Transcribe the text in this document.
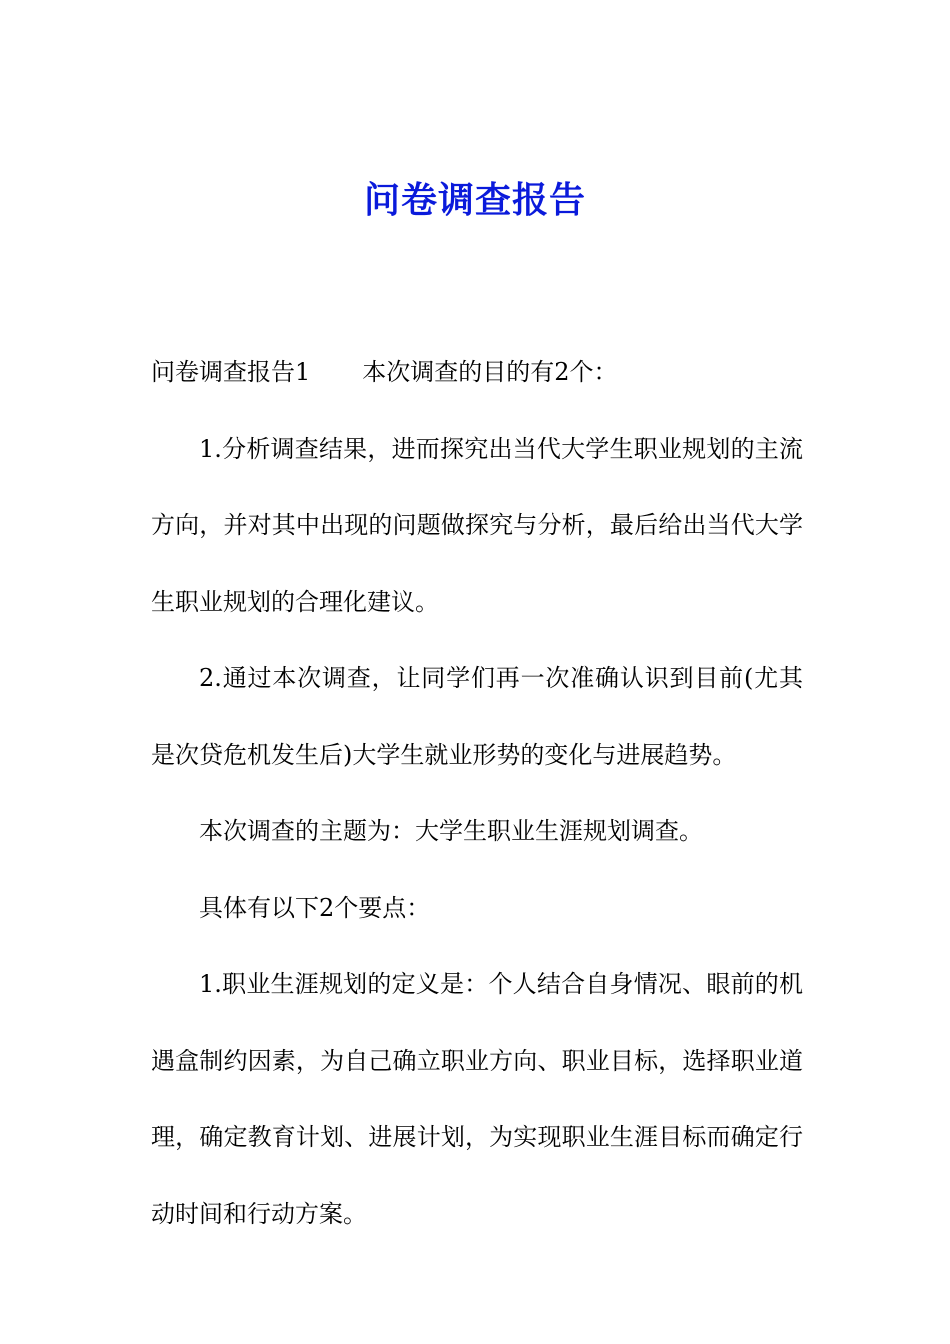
问卷调查报告

问卷调查报告1 本次调查的目的有2个：

1.分析调查结果，进而探究出当代大学生职业规划的主流方向，并对其中出现的问题做探究与分析，最后给出当代大学生职业规划的合理化建议。

2.通过本次调查，让同学们再一次准确认识到目前(尤其是次贷危机发生后)大学生就业形势的变化与进展趋势。

本次调查的主题为：大学生职业生涯规划调查。

具体有以下2个要点：

1.职业生涯规划的定义是：个人结合自身情况、眼前的机遇盒制约因素，为自己确立职业方向、职业目标，选择职业道理，确定教育计划、进展计划，为实现职业生涯目标而确定行动时间和行动方案。
